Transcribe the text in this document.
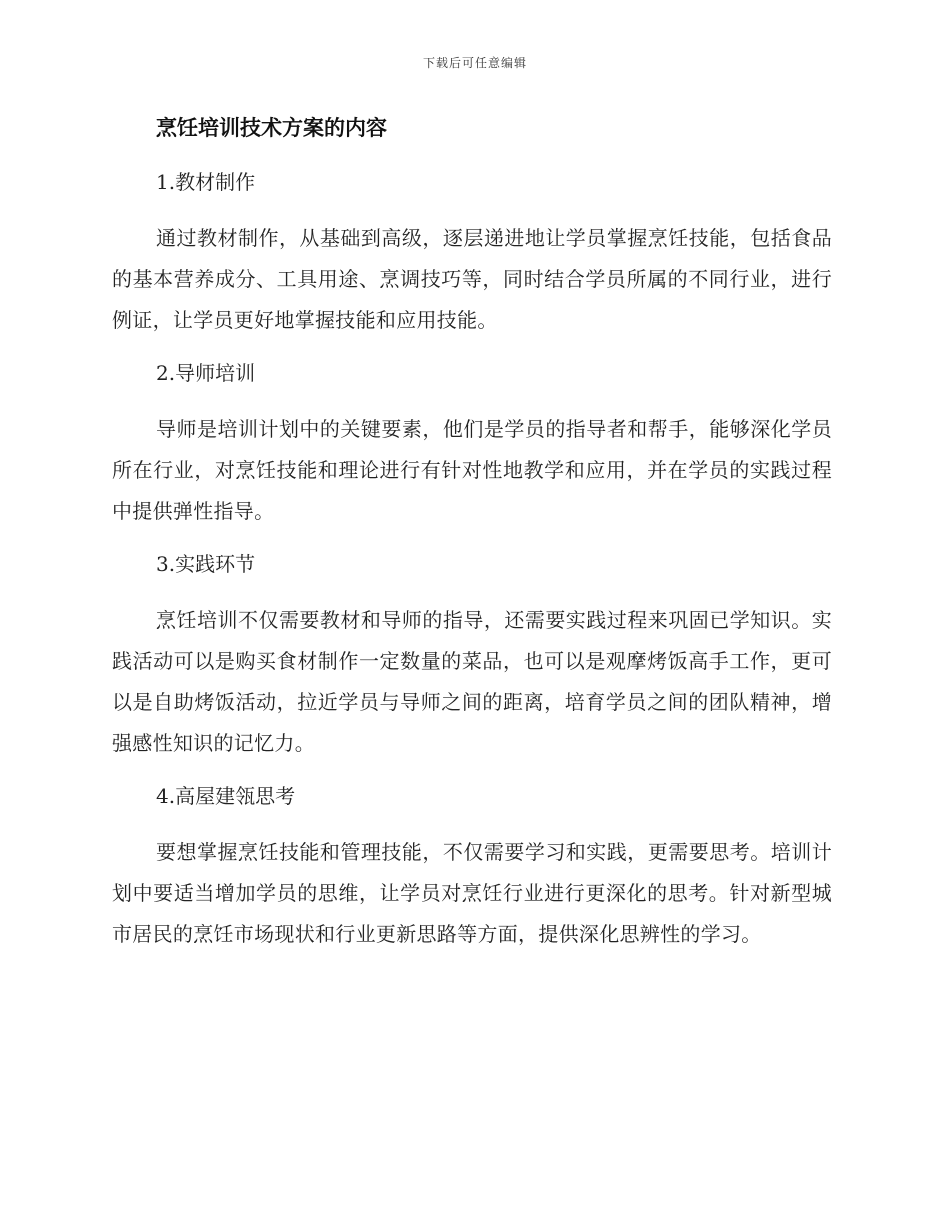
下载后可任意编辑
烹饪培训技术方案的内容
1.教材制作

通过教材制作，从基础到高级，逐层递进地让学员掌握烹饪技能，包括食品的基本营养成分、工具用途、烹调技巧等，同时结合学员所属的不同行业，进行例证，让学员更好地掌握技能和应用技能。

2.导师培训

导师是培训计划中的关键要素，他们是学员的指导者和帮手，能够深化学员所在行业，对烹饪技能和理论进行有针对性地教学和应用，并在学员的实践过程中提供弹性指导。

3.实践环节

烹饪培训不仅需要教材和导师的指导，还需要实践过程来巩固已学知识。实践活动可以是购买食材制作一定数量的菜品，也可以是观摩烤饭高手工作，更可以是自助烤饭活动，拉近学员与导师之间的距离，培育学员之间的团队精神，增强感性知识的记忆力。

4.高屋建瓴思考

要想掌握烹饪技能和管理技能，不仅需要学习和实践，更需要思考。培训计划中要适当增加学员的思维，让学员对烹饪行业进行更深化的思考。针对新型城市居民的烹饪市场现状和行业更新思路等方面，提供深化思辨性的学习。
